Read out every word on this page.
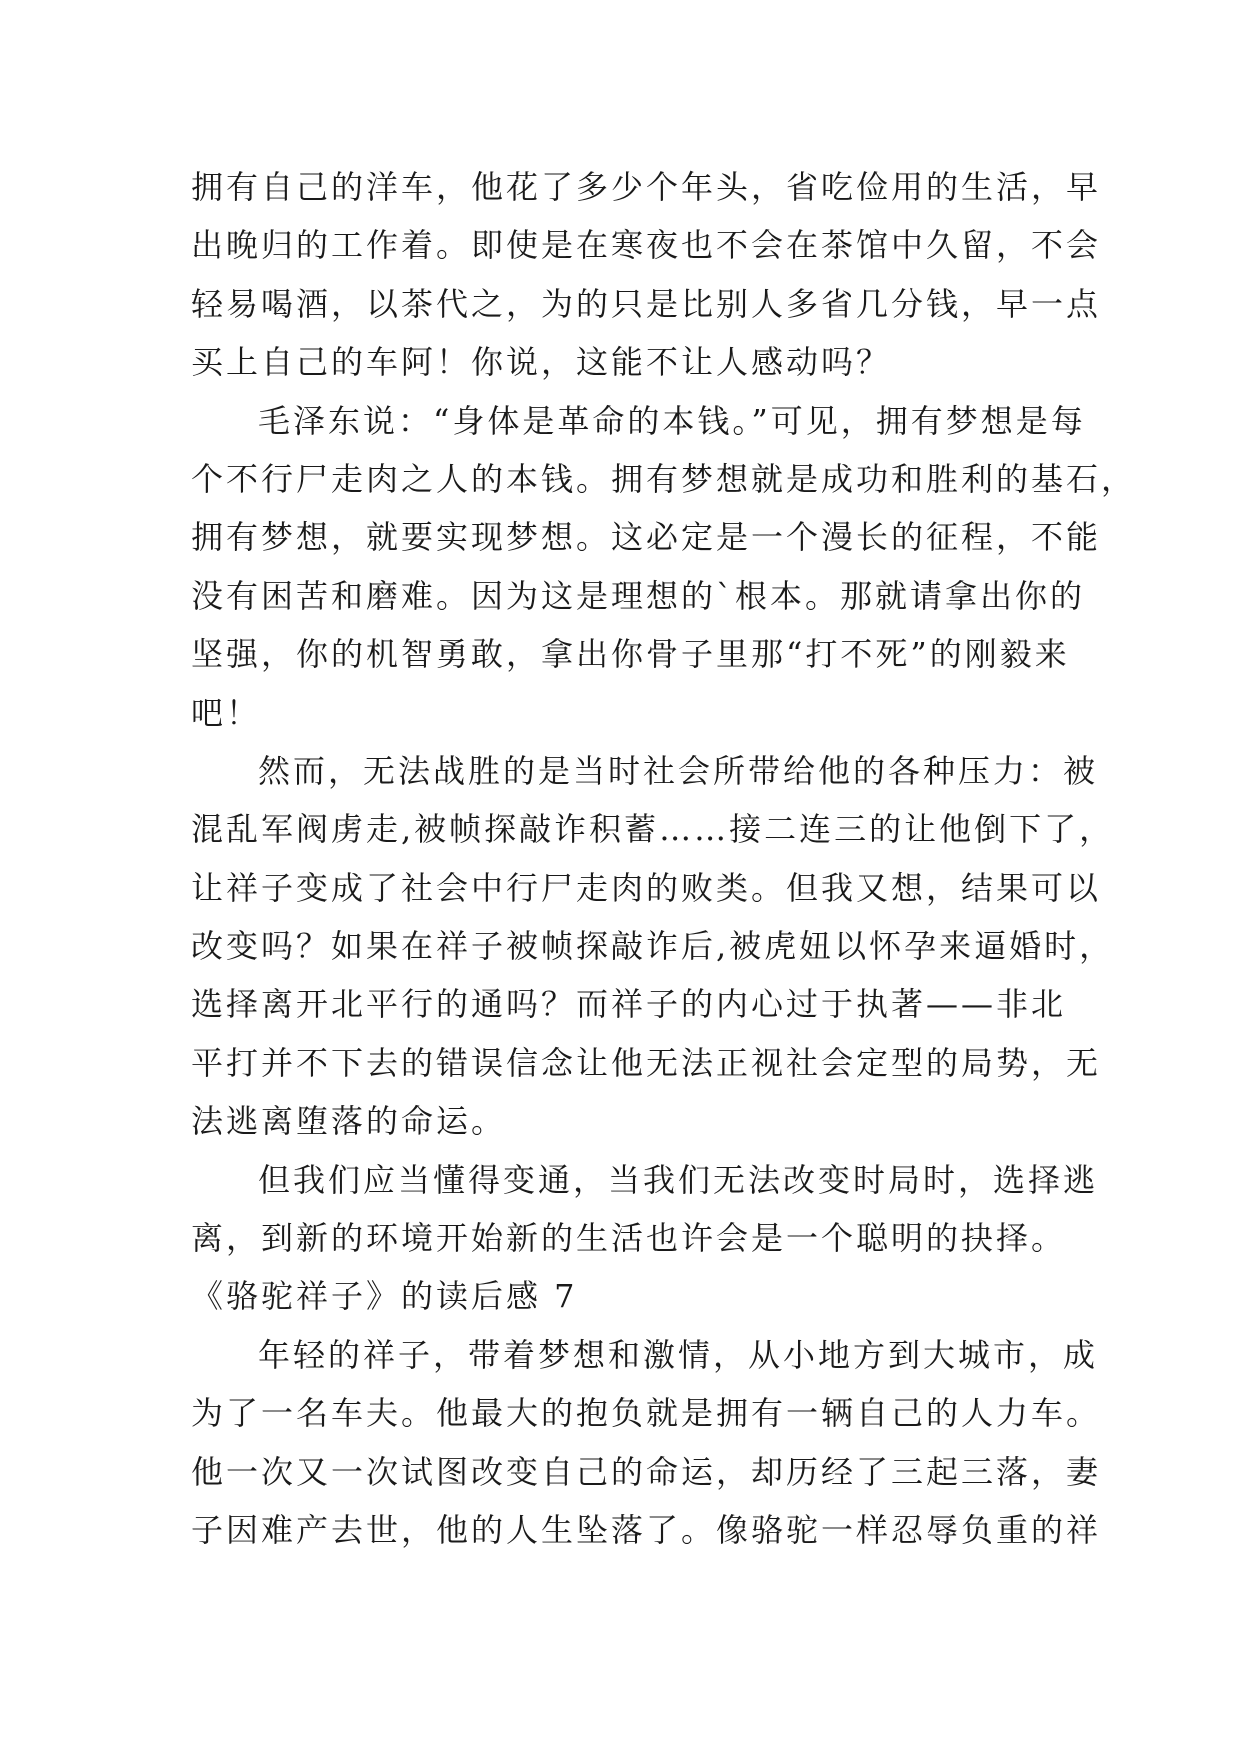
拥有自己的洋车，他花了多少个年头，省吃俭用的生活，早
出晚归的工作着。即使是在寒夜也不会在茶馆中久留，不会
轻易喝酒，以茶代之，为的只是比别人多省几分钱，早一点
买上自己的车阿！你说，这能不让人感动吗？
毛泽东说：“身体是革命的本钱。”可见，拥有梦想是每
个不行尸走肉之人的本钱。拥有梦想就是成功和胜利的基石，
拥有梦想，就要实现梦想。这必定是一个漫长的征程，不能
没有困苦和磨难。因为这是理想的`根本。那就请拿出你的
坚强，你的机智勇敢，拿出你骨子里那“打不死”的刚毅来
吧！
然而，无法战胜的是当时社会所带给他的各种压力：被
混乱军阀虏走,被帧探敲诈积蓄……接二连三的让他倒下了，
让祥子变成了社会中行尸走肉的败类。但我又想，结果可以
改变吗？如果在祥子被帧探敲诈后,被虎妞以怀孕来逼婚时，
选择离开北平行的通吗？而祥子的内心过于执著——非北
平打并不下去的错误信念让他无法正视社会定型的局势，无
法逃离堕落的命运。
但我们应当懂得变通，当我们无法改变时局时，选择逃
离，到新的环境开始新的生活也许会是一个聪明的抉择。
《骆驼祥子》的读后感 7
年轻的祥子，带着梦想和激情，从小地方到大城市，成
为了一名车夫。他最大的抱负就是拥有一辆自己的人力车。
他一次又一次试图改变自己的命运，却历经了三起三落，妻
子因难产去世，他的人生坠落了。像骆驼一样忍辱负重的祥
